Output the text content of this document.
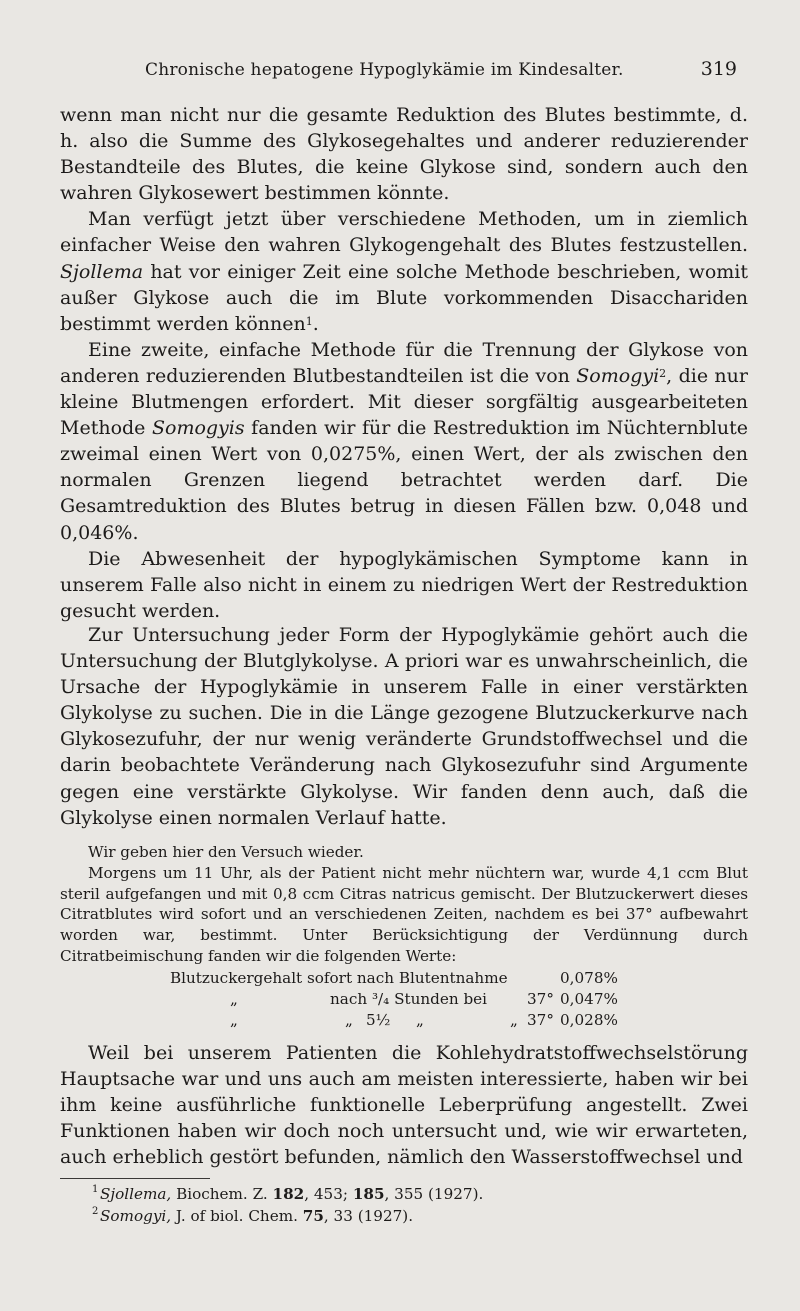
Chronische hepatogene Hypoglykämie im Kindesalter.	319

wenn man nicht nur die gesamte Reduktion des Blutes bestimmte, d. h. also die Summe des Glykosegehaltes und anderer reduzierender Bestandteile des Blutes, die keine Glykose sind, sondern auch den wahren Glykosewert bestimmen könnte.

Man verfügt jetzt über verschiedene Methoden, um in ziemlich einfacher Weise den wahren Glykogengehalt des Blutes festzustellen. Sjollema hat vor einiger Zeit eine solche Methode beschrieben, womit außer Glykose auch die im Blute vorkommenden Disacchariden bestimmt werden können$^1$.

Eine zweite, einfache Methode für die Trennung der Glykose von anderen reduzierenden Blutbestandteilen ist die von Somogyi$^2$, die nur kleine Blutmengen erfordert. Mit dieser sorgfältig ausgearbeiteten Methode Somogyis fanden wir für die Restreduktion im Nüchternblute zweimal einen Wert von 0,0275%, einen Wert, der als zwischen den normalen Grenzen liegend betrachtet werden darf. Die Gesamtreduktion des Blutes betrug in diesen Fällen bzw. 0,048 und 0,046%.

Die Abwesenheit der hypoglykämischen Symptome kann in unserem Falle also nicht in einem zu niedrigen Wert der Restreduktion gesucht werden.

Zur Untersuchung jeder Form der Hypoglykämie gehört auch die Untersuchung der Blutglykolyse. A priori war es unwahrscheinlich, die Ursache der Hypoglykämie in unserem Falle in einer verstärkten Glykolyse zu suchen. Die in die Länge gezogene Blutzuckerkurve nach Glykosezufuhr, der nur wenig veränderte Grundstoffwechsel und die darin beobachtete Veränderung nach Glykosezufuhr sind Argumente gegen eine verstärkte Glykolyse. Wir fanden denn auch, daß die Glykolyse einen normalen Verlauf hatte.

Wir geben hier den Versuch wieder.

Morgens um 11 Uhr, als der Patient nicht mehr nüchtern war, wurde 4,1 ccm Blut steril aufgefangen und mit 0,8 ccm Citras natricus gemischt. Der Blutzuckerwert dieses Citratblutes wird sofort und an verschiedenen Zeiten, nachdem es bei 37° aufbewahrt worden war, bestimmt. Unter Berücksichtigung der Verdünnung durch Citratbeimischung fanden wir die folgenden Werte:

Blutzuckergehalt sofort nach Blutentnahme	0,078%
„	nach ³/₄ Stunden bei	37° 0,047%
„	„ 5½ „	„ 37° 0,028%

Weil bei unserem Patienten die Kohlehydratstoffwechselstörung Hauptsache war und uns auch am meisten interessierte, haben wir bei ihm keine ausführliche funktionelle Leberprüfung angestellt. Zwei Funktionen haben wir doch noch untersucht und, wie wir erwarteten, auch erheblich gestört befunden, nämlich den Wasserstoffwechsel und

1 Sjollema, Biochem. Z. 182, 453; 185, 355 (1927).
2 Somogyi, J. of biol. Chem. 75, 33 (1927).
